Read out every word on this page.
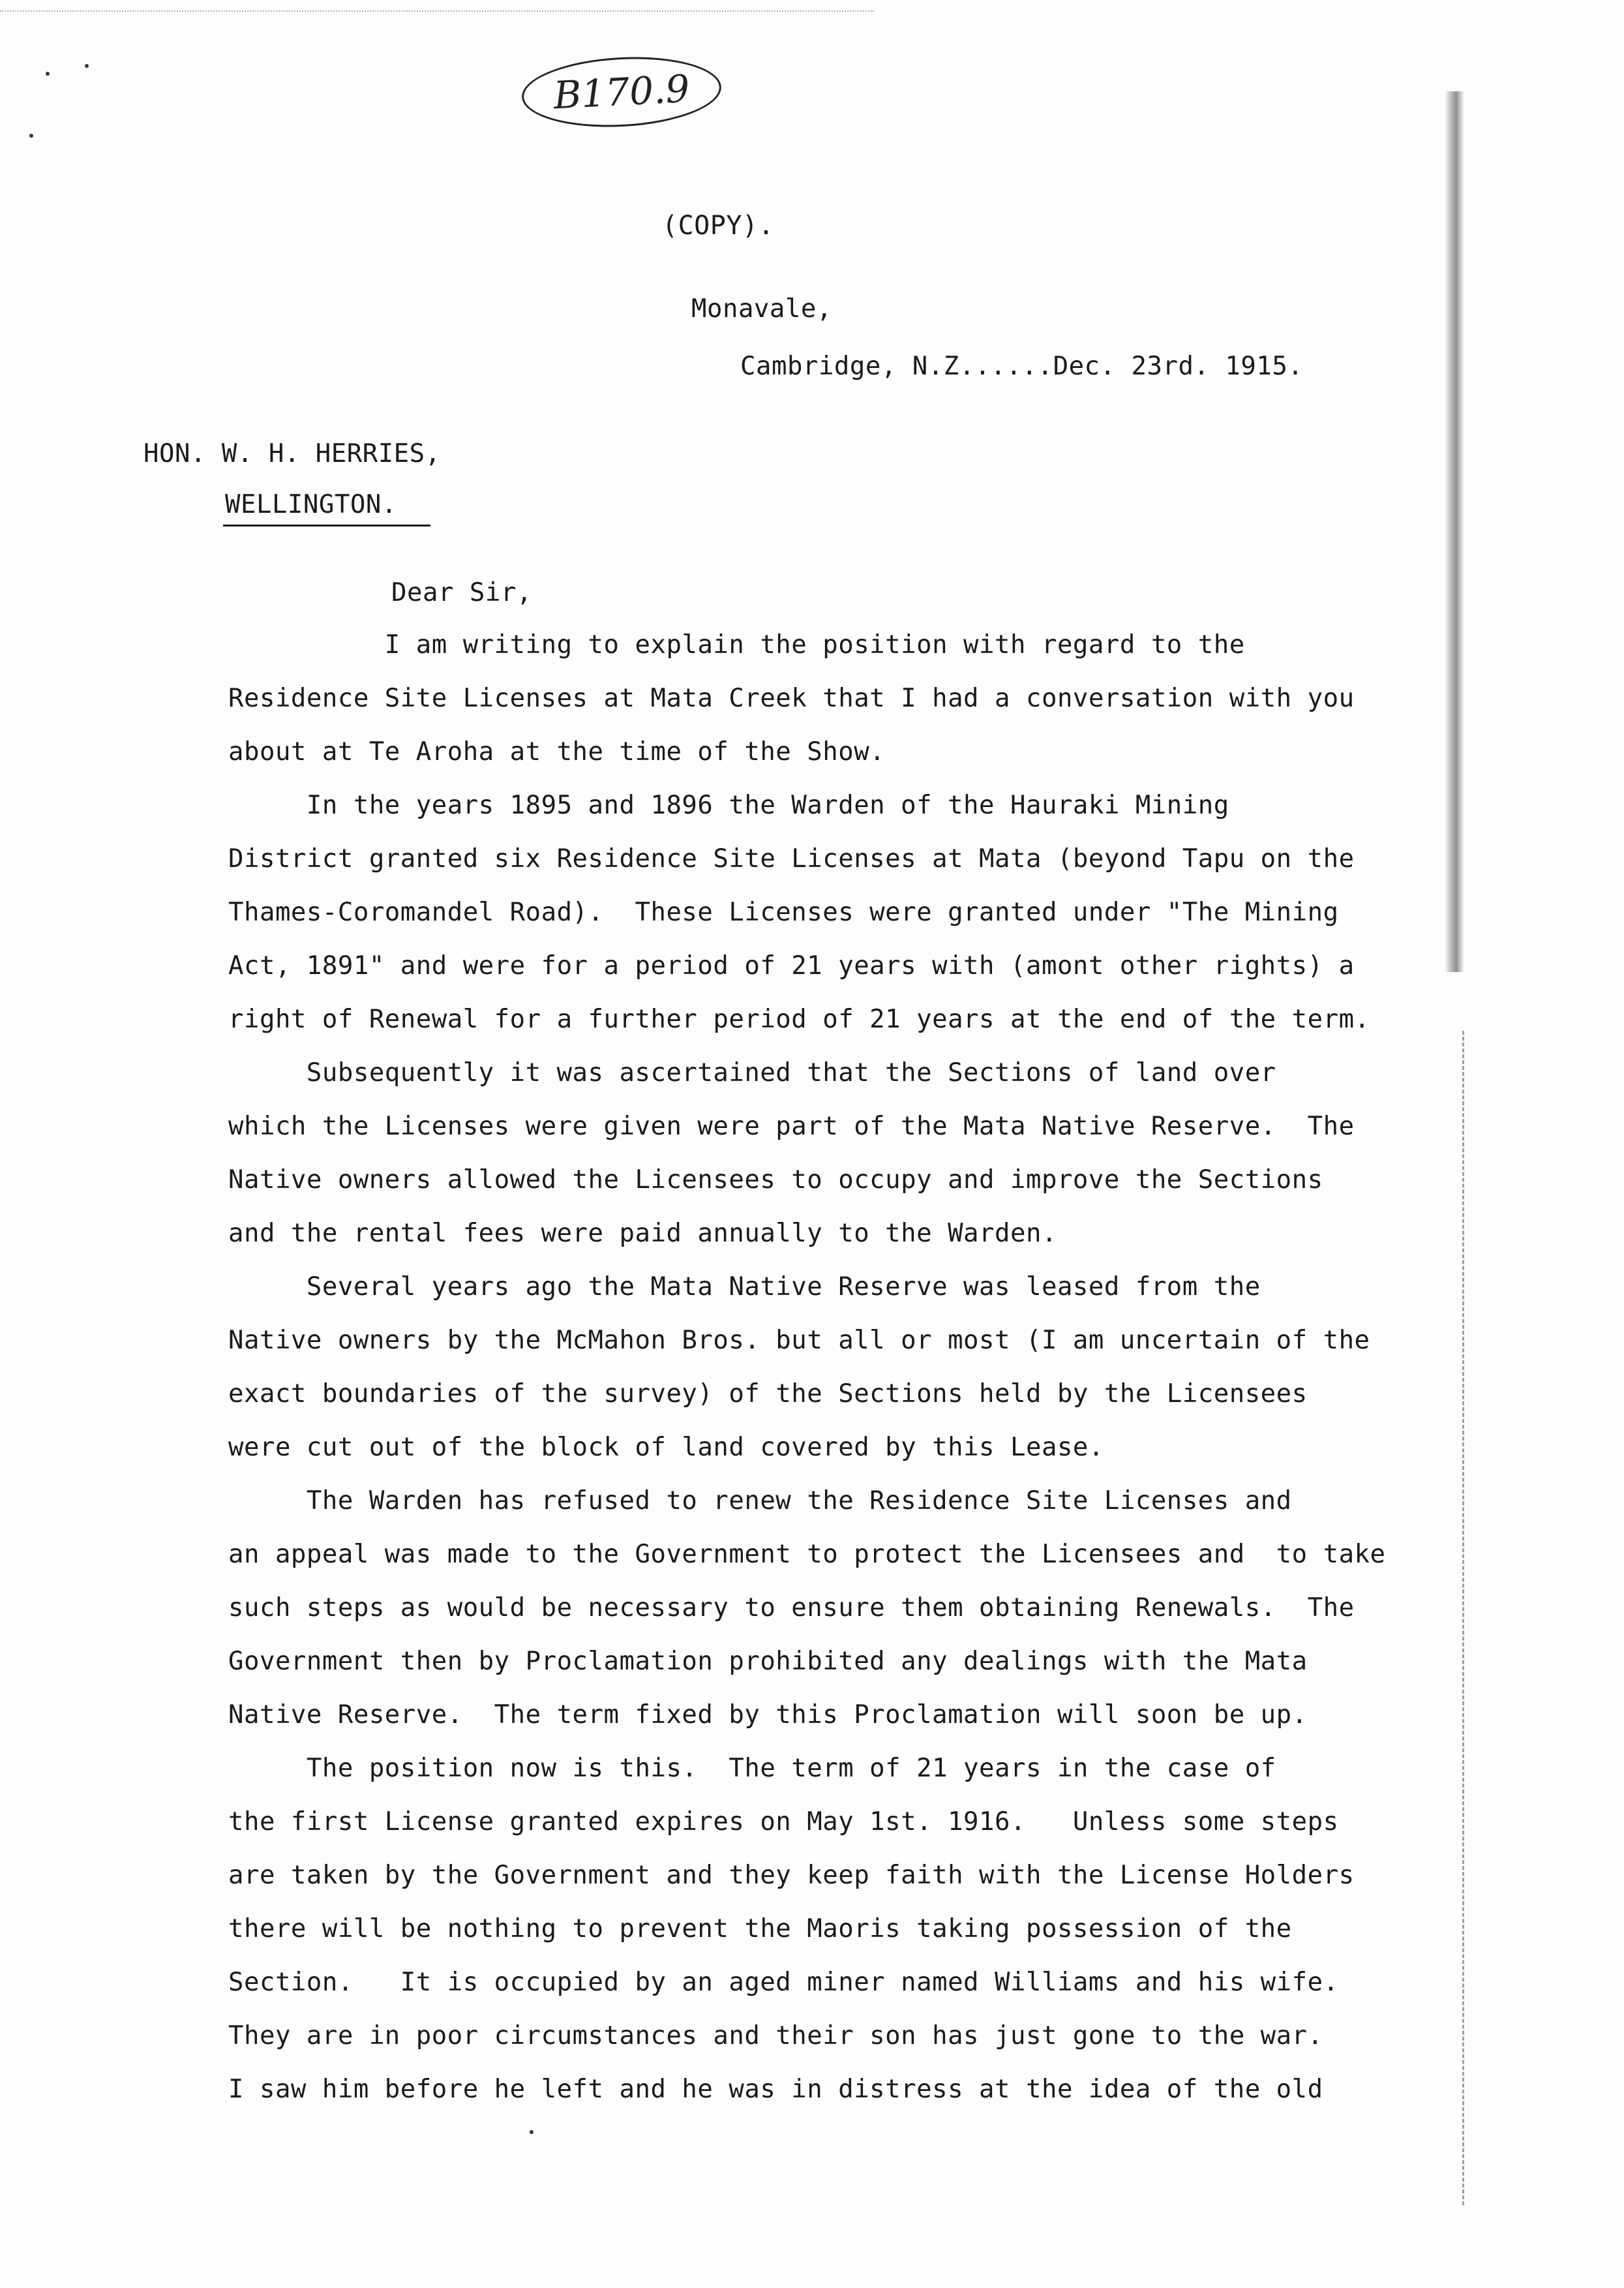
B170.9
(COPY).
Monavale,
Cambridge, N.Z......Dec. 23rd. 1915.
HON. W. H. HERRIES,
WELLINGTON.
Dear Sir,
I am writing to explain the position with regard to the
Residence Site Licenses at Mata Creek that I had a conversation with you
about at Te Aroha at the time of the Show.
In the years 1895 and 1896 the Warden of the Hauraki Mining
District granted six Residence Site Licenses at Mata (beyond Tapu on the
Thames-Coromandel Road).  These Licenses were granted under "The Mining
Act, 1891" and were for a period of 21 years with (amont other rights) a
right of Renewal for a further period of 21 years at the end of the term.
Subsequently it was ascertained that the Sections of land over
which the Licenses were given were part of the Mata Native Reserve.  The
Native owners allowed the Licensees to occupy and improve the Sections
and the rental fees were paid annually to the Warden.
Several years ago the Mata Native Reserve was leased from the
Native owners by the McMahon Bros. but all or most (I am uncertain of the
exact boundaries of the survey) of the Sections held by the Licensees
were cut out of the block of land covered by this Lease.
The Warden has refused to renew the Residence Site Licenses and
an appeal was made to the Government to protect the Licensees and  to take
such steps as would be necessary to ensure them obtaining Renewals.  The
Government then by Proclamation prohibited any dealings with the Mata
Native Reserve.  The term fixed by this Proclamation will soon be up.
The position now is this.  The term of 21 years in the case of
the first License granted expires on May 1st. 1916.   Unless some steps
are taken by the Government and they keep faith with the License Holders
there will be nothing to prevent the Maoris taking possession of the
Section.   It is occupied by an aged miner named Williams and his wife.
They are in poor circumstances and their son has just gone to the war.
I saw him before he left and he was in distress at the idea of the old
